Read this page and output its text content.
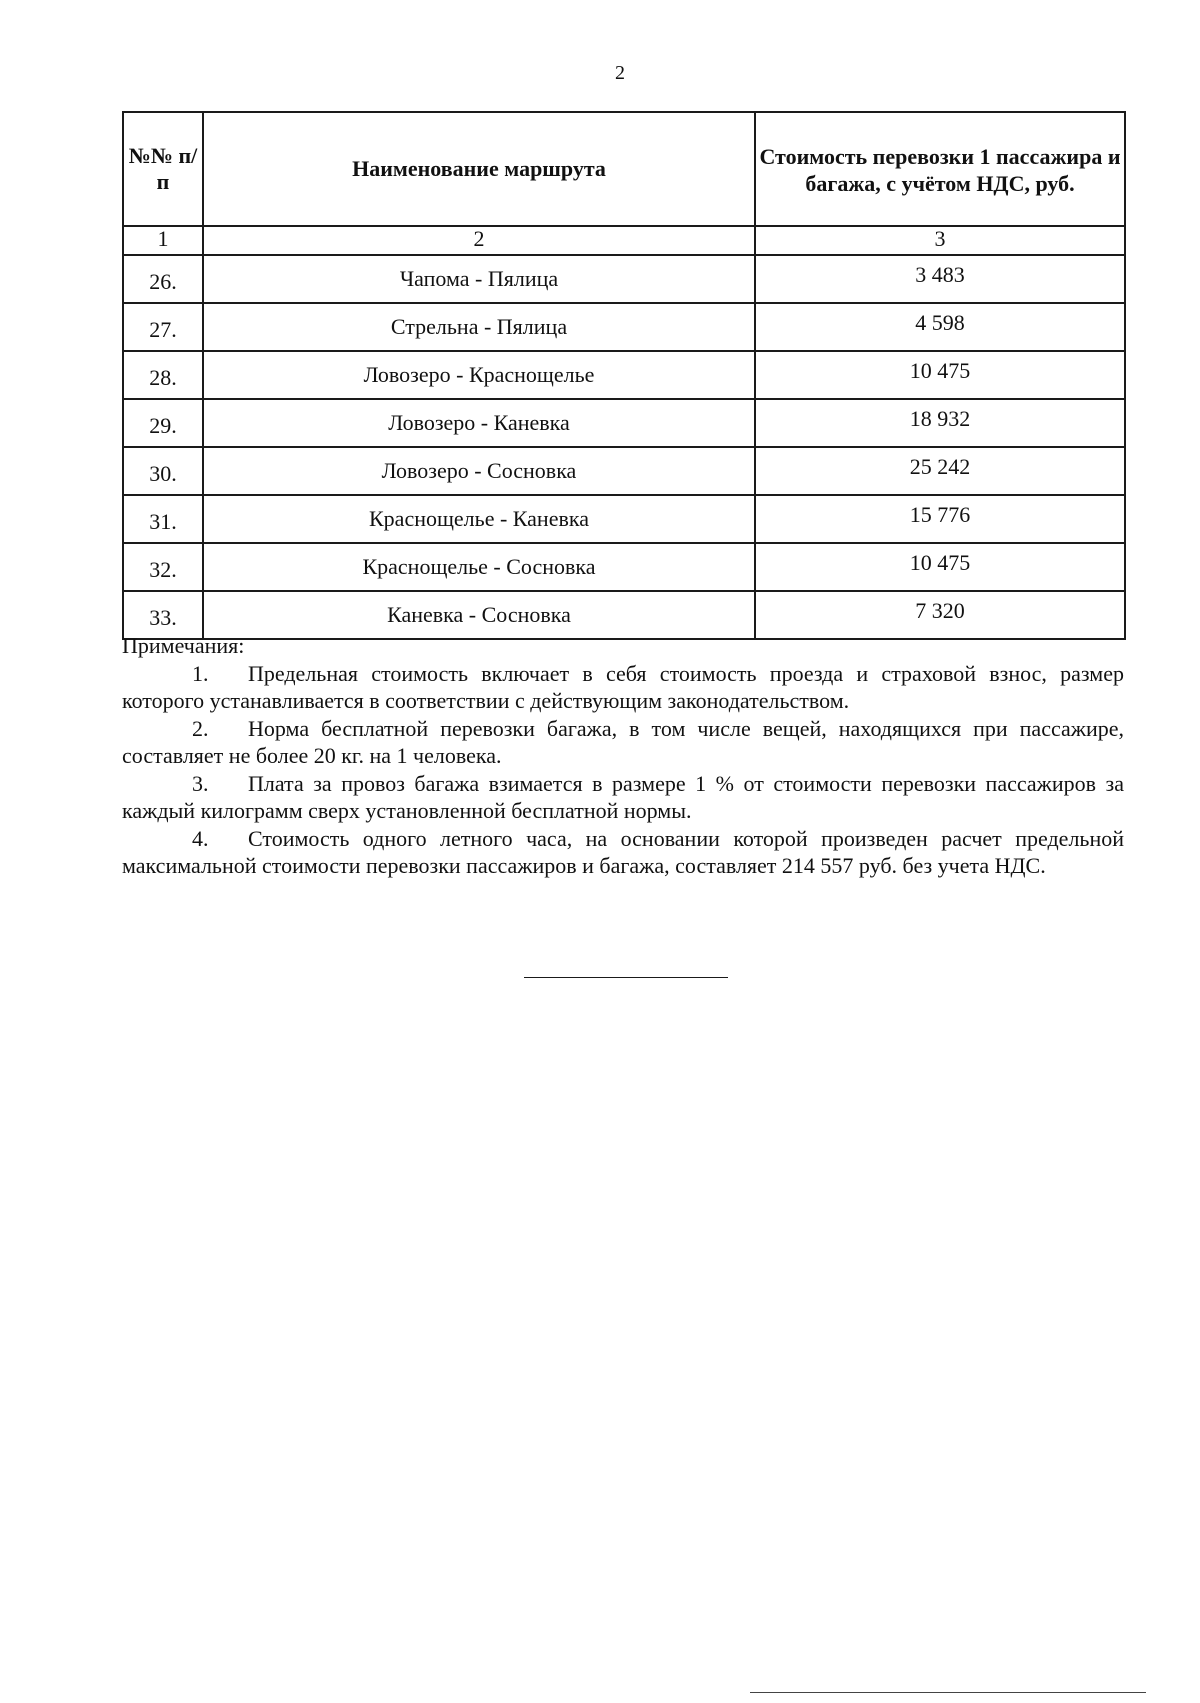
2
№№ п/п	Наименование маршрута	Стоимость перевозки 1 пассажира и багажа, с учётом НДС, руб.
1	2	3
26.	Чапома - Пялица	3 483
27.	Стрельна - Пялица	4 598
28.	Ловозеро - Краснощелье	10 475
29.	Ловозеро - Каневка	18 932
30.	Ловозеро - Сосновка	25 242
31.	Краснощелье - Каневка	15 776
32.	Краснощелье - Сосновка	10 475
33.	Каневка - Сосновка	7 320

Примечания:

1. Предельная стоимость включает в себя стоимость проезда и страховой взнос, размер которого устанавливается в соответствии с действующим законодательством.

2. Норма бесплатной перевозки багажа, в том числе вещей, находящихся при пассажире, составляет не более 20 кг. на 1 человека.

3. Плата за провоз багажа взимается в размере 1 % от стоимости перевозки пассажиров за каждый килограмм сверх установленной бесплатной нормы.

4. Стоимость одного летного часа, на основании которой произведен расчет предельной максимальной стоимости перевозки пассажиров и багажа, составляет 214 557 руб. без учета НДС.
